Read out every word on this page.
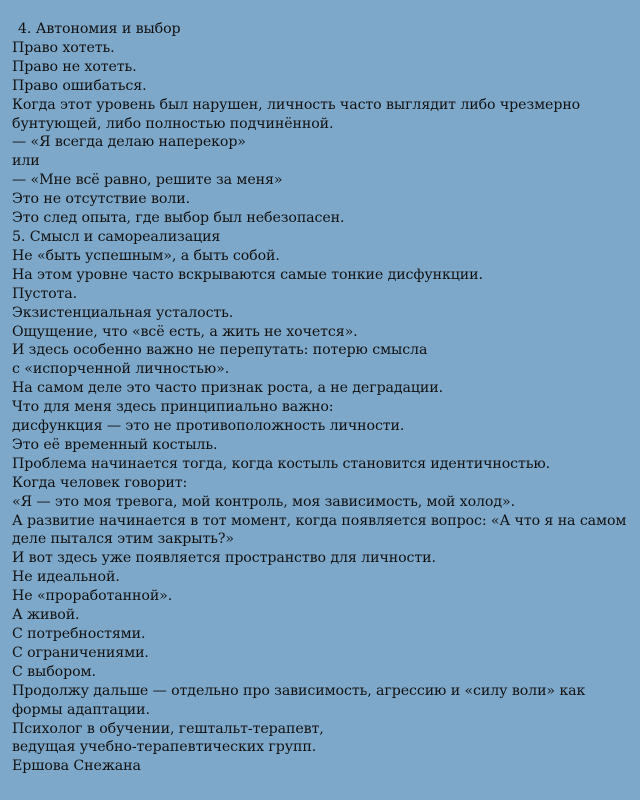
4. Автономия и выбор
Право хотеть.
Право не хотеть.
Право ошибаться.
Когда этот уровень был нарушен, личность часто выглядит либо чрезмерно
бунтующей, либо полностью подчинённой.
— «Я всегда делаю наперекор»
или
— «Мне всё равно, решите за меня»
Это не отсутствие воли.
Это след опыта, где выбор был небезопасен.
5. Смысл и самореализация
Не «быть успешным», а быть собой.
На этом уровне часто вскрываются самые тонкие дисфункции.
Пустота.
Экзистенциальная усталость.
Ощущение, что «всё есть, а жить не хочется».
И здесь особенно важно не перепутать: потерю смысла
с «испорченной личностью».
На самом деле это часто признак роста, а не деградации.
Что для меня здесь принципиально важно:
дисфункция — это не противоположность личности.
Это её временный костыль.
Проблема начинается тогда, когда костыль становится идентичностью.
Когда человек говорит:
«Я — это моя тревога, мой контроль, моя зависимость, мой холод».
А развитие начинается в тот момент, когда появляется вопрос: «А что я на самом
деле пытался этим закрыть?»
И вот здесь уже появляется пространство для личности.
Не идеальной.
Не «проработанной».
А живой.
С потребностями.
С ограничениями.
С выбором.
Продолжу дальше — отдельно про зависимость, агрессию и «силу воли» как
формы адаптации.
Психолог в обучении, гештальт-терапевт,
ведущая учебно-терапевтических групп.
Ершова Снежана
